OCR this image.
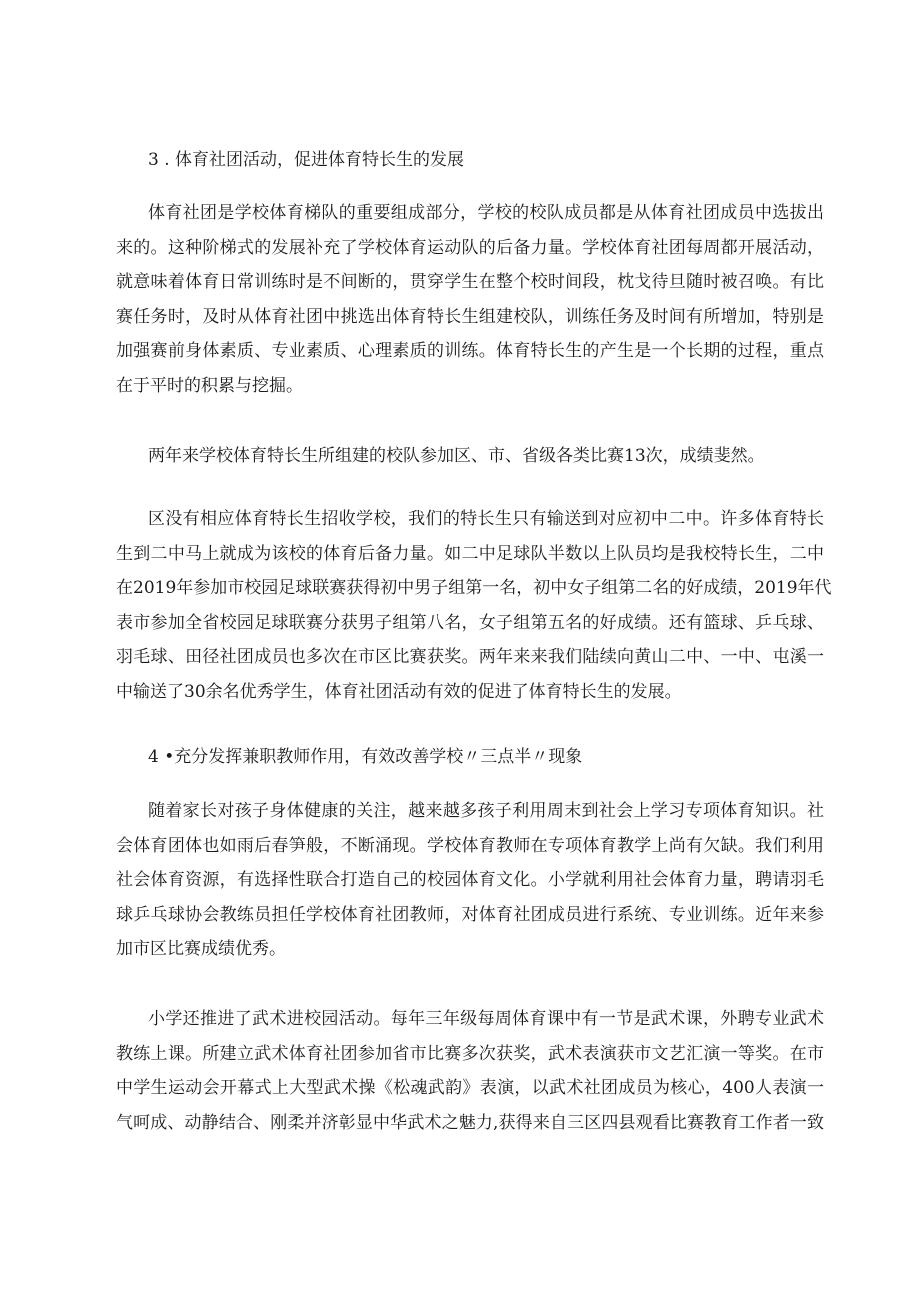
3 . 体育社团活动，促进体育特长生的发展
体育社团是学校体育梯队的重要组成部分，学校的校队成员都是从体育社团成员中选拔出
来的。这种阶梯式的发展补充了学校体育运动队的后备力量。学校体育社团每周都开展活动，
就意味着体育日常训练时是不间断的，贯穿学生在整个校时间段，枕戈待旦随时被召唤。有比
赛任务时，及时从体育社团中挑选出体育特长生组建校队，训练任务及时间有所增加，特别是
加强赛前身体素质、专业素质、心理素质的训练。体育特长生的产生是一个长期的过程，重点
在于平时的积累与挖掘。
两年来学校体育特长生所组建的校队参加区、市、省级各类比赛13次，成绩斐然。
区没有相应体育特长生招收学校，我们的特长生只有输送到对应初中二中。许多体育特长
生到二中马上就成为该校的体育后备力量。如二中足球队半数以上队员均是我校特长生，二中
在2019年参加市校园足球联赛获得初中男子组第一名，初中女子组第二名的好成绩，2019年代
表市参加全省校园足球联赛分获男子组第八名，女子组第五名的好成绩。还有篮球、乒乓球、
羽毛球、田径社团成员也多次在市区比赛获奖。两年来来我们陆续向黄山二中、一中、屯溪一
中输送了30余名优秀学生，体育社团活动有效的促进了体育特长生的发展。
4 •充分发挥兼职教师作用，有效改善学校〃三点半〃现象
随着家长对孩子身体健康的关注，越来越多孩子利用周末到社会上学习专项体育知识。社
会体育团体也如雨后春笋般，不断涌现。学校体育教师在专项体育教学上尚有欠缺。我们利用
社会体育资源，有选择性联合打造自己的校园体育文化。小学就利用社会体育力量，聘请羽毛
球乒乓球协会教练员担任学校体育社团教师，对体育社团成员进行系统、专业训练。近年来参
加市区比赛成绩优秀。
小学还推进了武术进校园活动。每年三年级每周体育课中有一节是武术课，外聘专业武术
教练上课。所建立武术体育社团参加省市比赛多次获奖，武术表演获市文艺汇演一等奖。在市
中学生运动会开幕式上大型武术操《松魂武韵》表演，以武术社团成员为核心，400人表演一
气呵成、动静结合、刚柔并济彰显中华武术之魅力,获得来自三区四县观看比赛教育工作者一致
